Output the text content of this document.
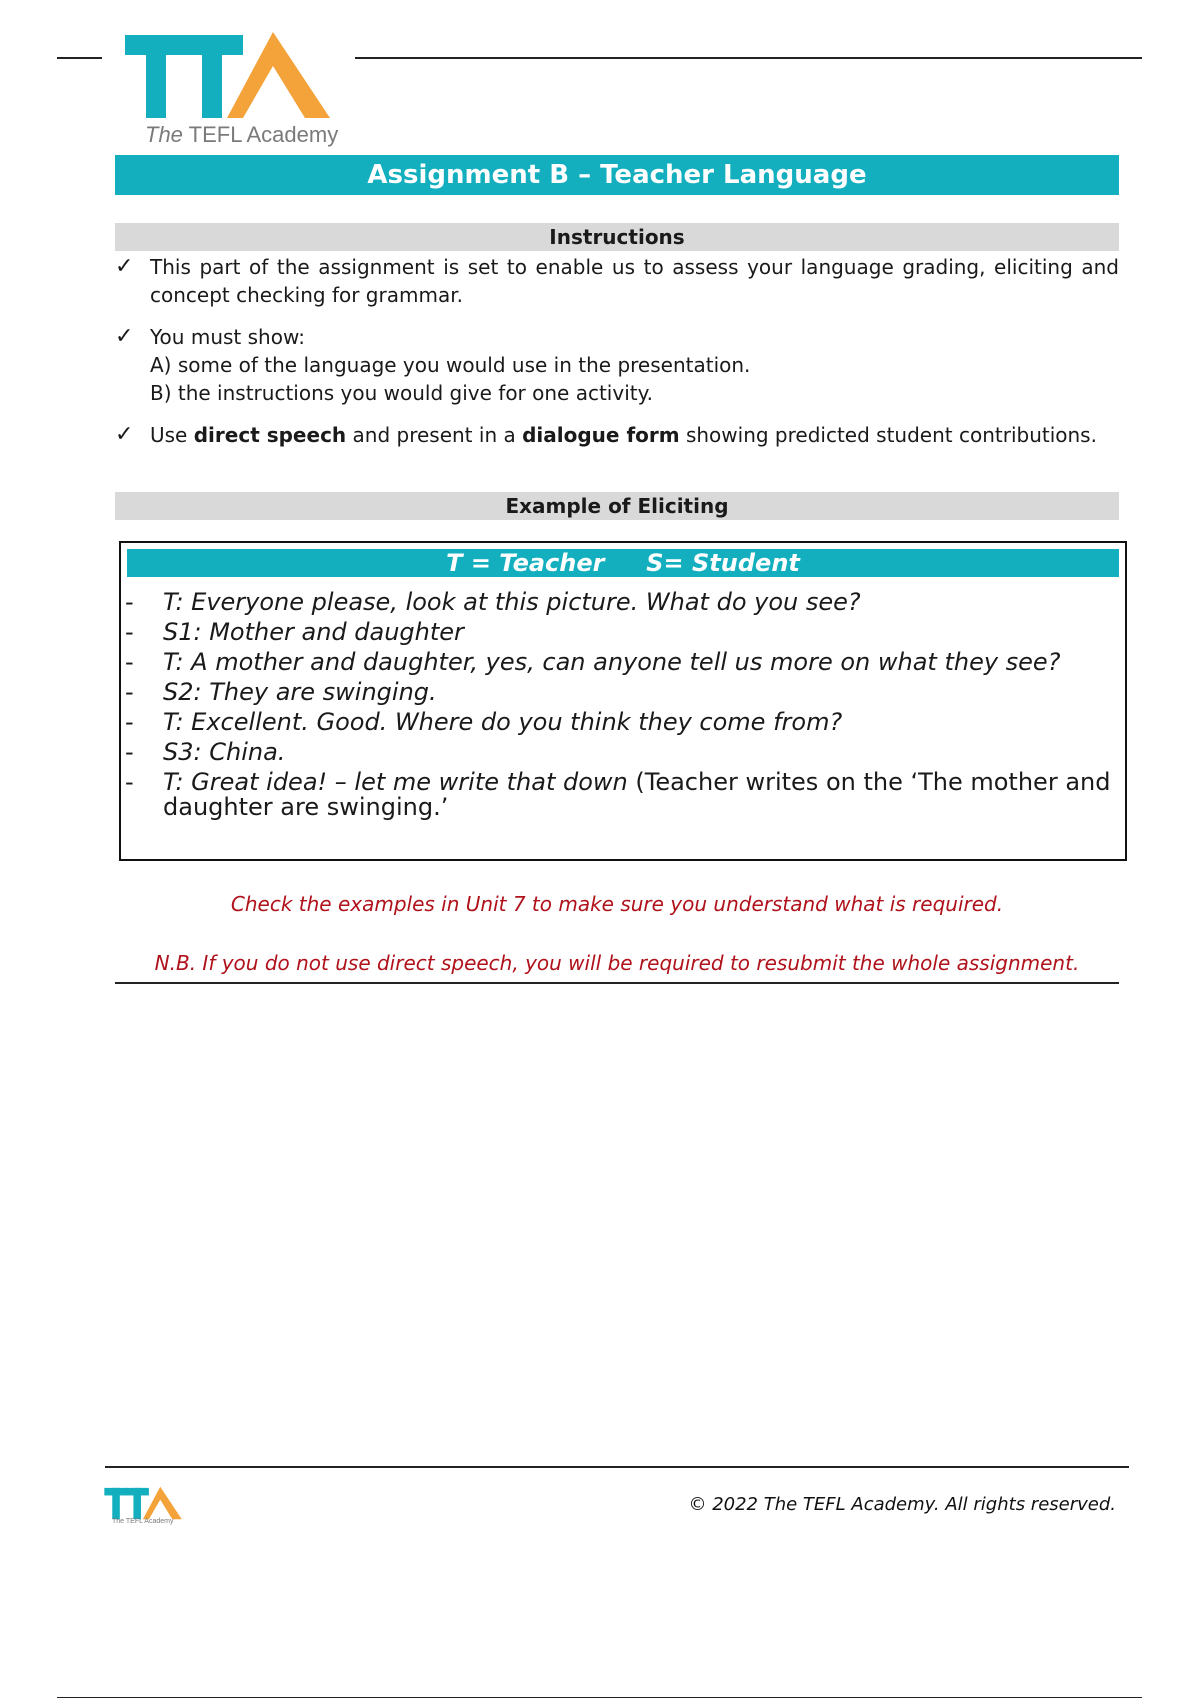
The TEFL Academy
Assignment B – Teacher Language
Instructions
✓ This part of the assignment is set to enable us to assess your language grading, eliciting and concept checking for grammar.

✓ You must show:

A) some of the language you would use in the presentation.

B) the instructions you would give for one activity.

✓ Use direct speech and present in a dialogue form showing predicted student contributions.

Example of Eliciting
T = Teacher S= Student
- T: Everyone please, look at this picture. What do you see?
- S1: Mother and daughter
- T: A mother and daughter, yes, can anyone tell us more on what they see?
- S2: They are swinging.
- T: Excellent. Good. Where do you think they come from?
- S3: China.
- T: Great idea! – let me write that down (Teacher writes on the ‘The mother and daughter are swinging.’
Check the examples in Unit 7 to make sure you understand what is required.
N.B. If you do not use direct speech, you will be required to resubmit the whole assignment.
The TEFL Academy
© 2022 The TEFL Academy. All rights reserved.
